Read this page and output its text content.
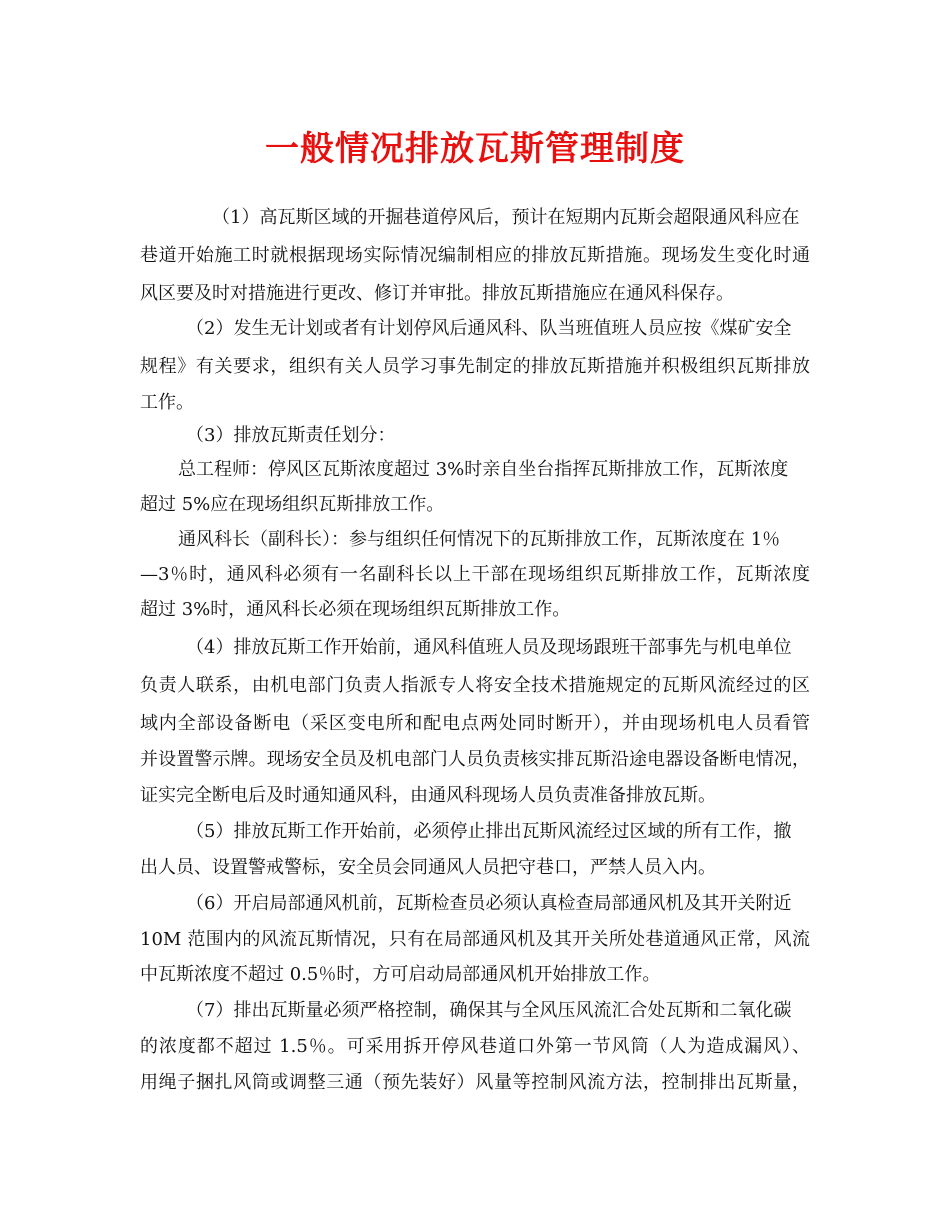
一般情况排放瓦斯管理制度

（1）高瓦斯区域的开掘巷道停风后，预计在短期内瓦斯会超限通风科应在

巷道开始施工时就根据现场实际情况编制相应的排放瓦斯措施。现场发生变化时通

风区要及时对措施进行更改、修订并审批。排放瓦斯措施应在通风科保存。

（2）发生无计划或者有计划停风后通风科、队当班值班人员应按《煤矿安全

规程》有关要求，组织有关人员学习事先制定的排放瓦斯措施并积极组织瓦斯排放

工作。

（3）排放瓦斯责任划分：

总工程师：停风区瓦斯浓度超过 3%时亲自坐台指挥瓦斯排放工作，瓦斯浓度

超过 5%应在现场组织瓦斯排放工作。

通风科长（副科长）：参与组织任何情况下的瓦斯排放工作，瓦斯浓度在 1％

—3％时，通风科必须有一名副科长以上干部在现场组织瓦斯排放工作，瓦斯浓度

超过 3%时，通风科长必须在现场组织瓦斯排放工作。

（4）排放瓦斯工作开始前，通风科值班人员及现场跟班干部事先与机电单位

负责人联系，由机电部门负责人指派专人将安全技术措施规定的瓦斯风流经过的区

域内全部设备断电（采区变电所和配电点两处同时断开），并由现场机电人员看管

并设置警示牌。现场安全员及机电部门人员负责核实排瓦斯沿途电器设备断电情况，

证实完全断电后及时通知通风科，由通风科现场人员负责准备排放瓦斯。

（5）排放瓦斯工作开始前，必须停止排出瓦斯风流经过区域的所有工作，撤

出人员、设置警戒警标，安全员会同通风人员把守巷口，严禁人员入内。

（6）开启局部通风机前，瓦斯检查员必须认真检查局部通风机及其开关附近

10M 范围内的风流瓦斯情况，只有在局部通风机及其开关所处巷道通风正常，风流

中瓦斯浓度不超过 0.5％时，方可启动局部通风机开始排放工作。

（7）排出瓦斯量必须严格控制，确保其与全风压风流汇合处瓦斯和二氧化碳

的浓度都不超过 1.5％。可采用拆开停风巷道口外第一节风筒（人为造成漏风）、

用绳子捆扎风筒或调整三通（预先装好）风量等控制风流方法，控制排出瓦斯量，
